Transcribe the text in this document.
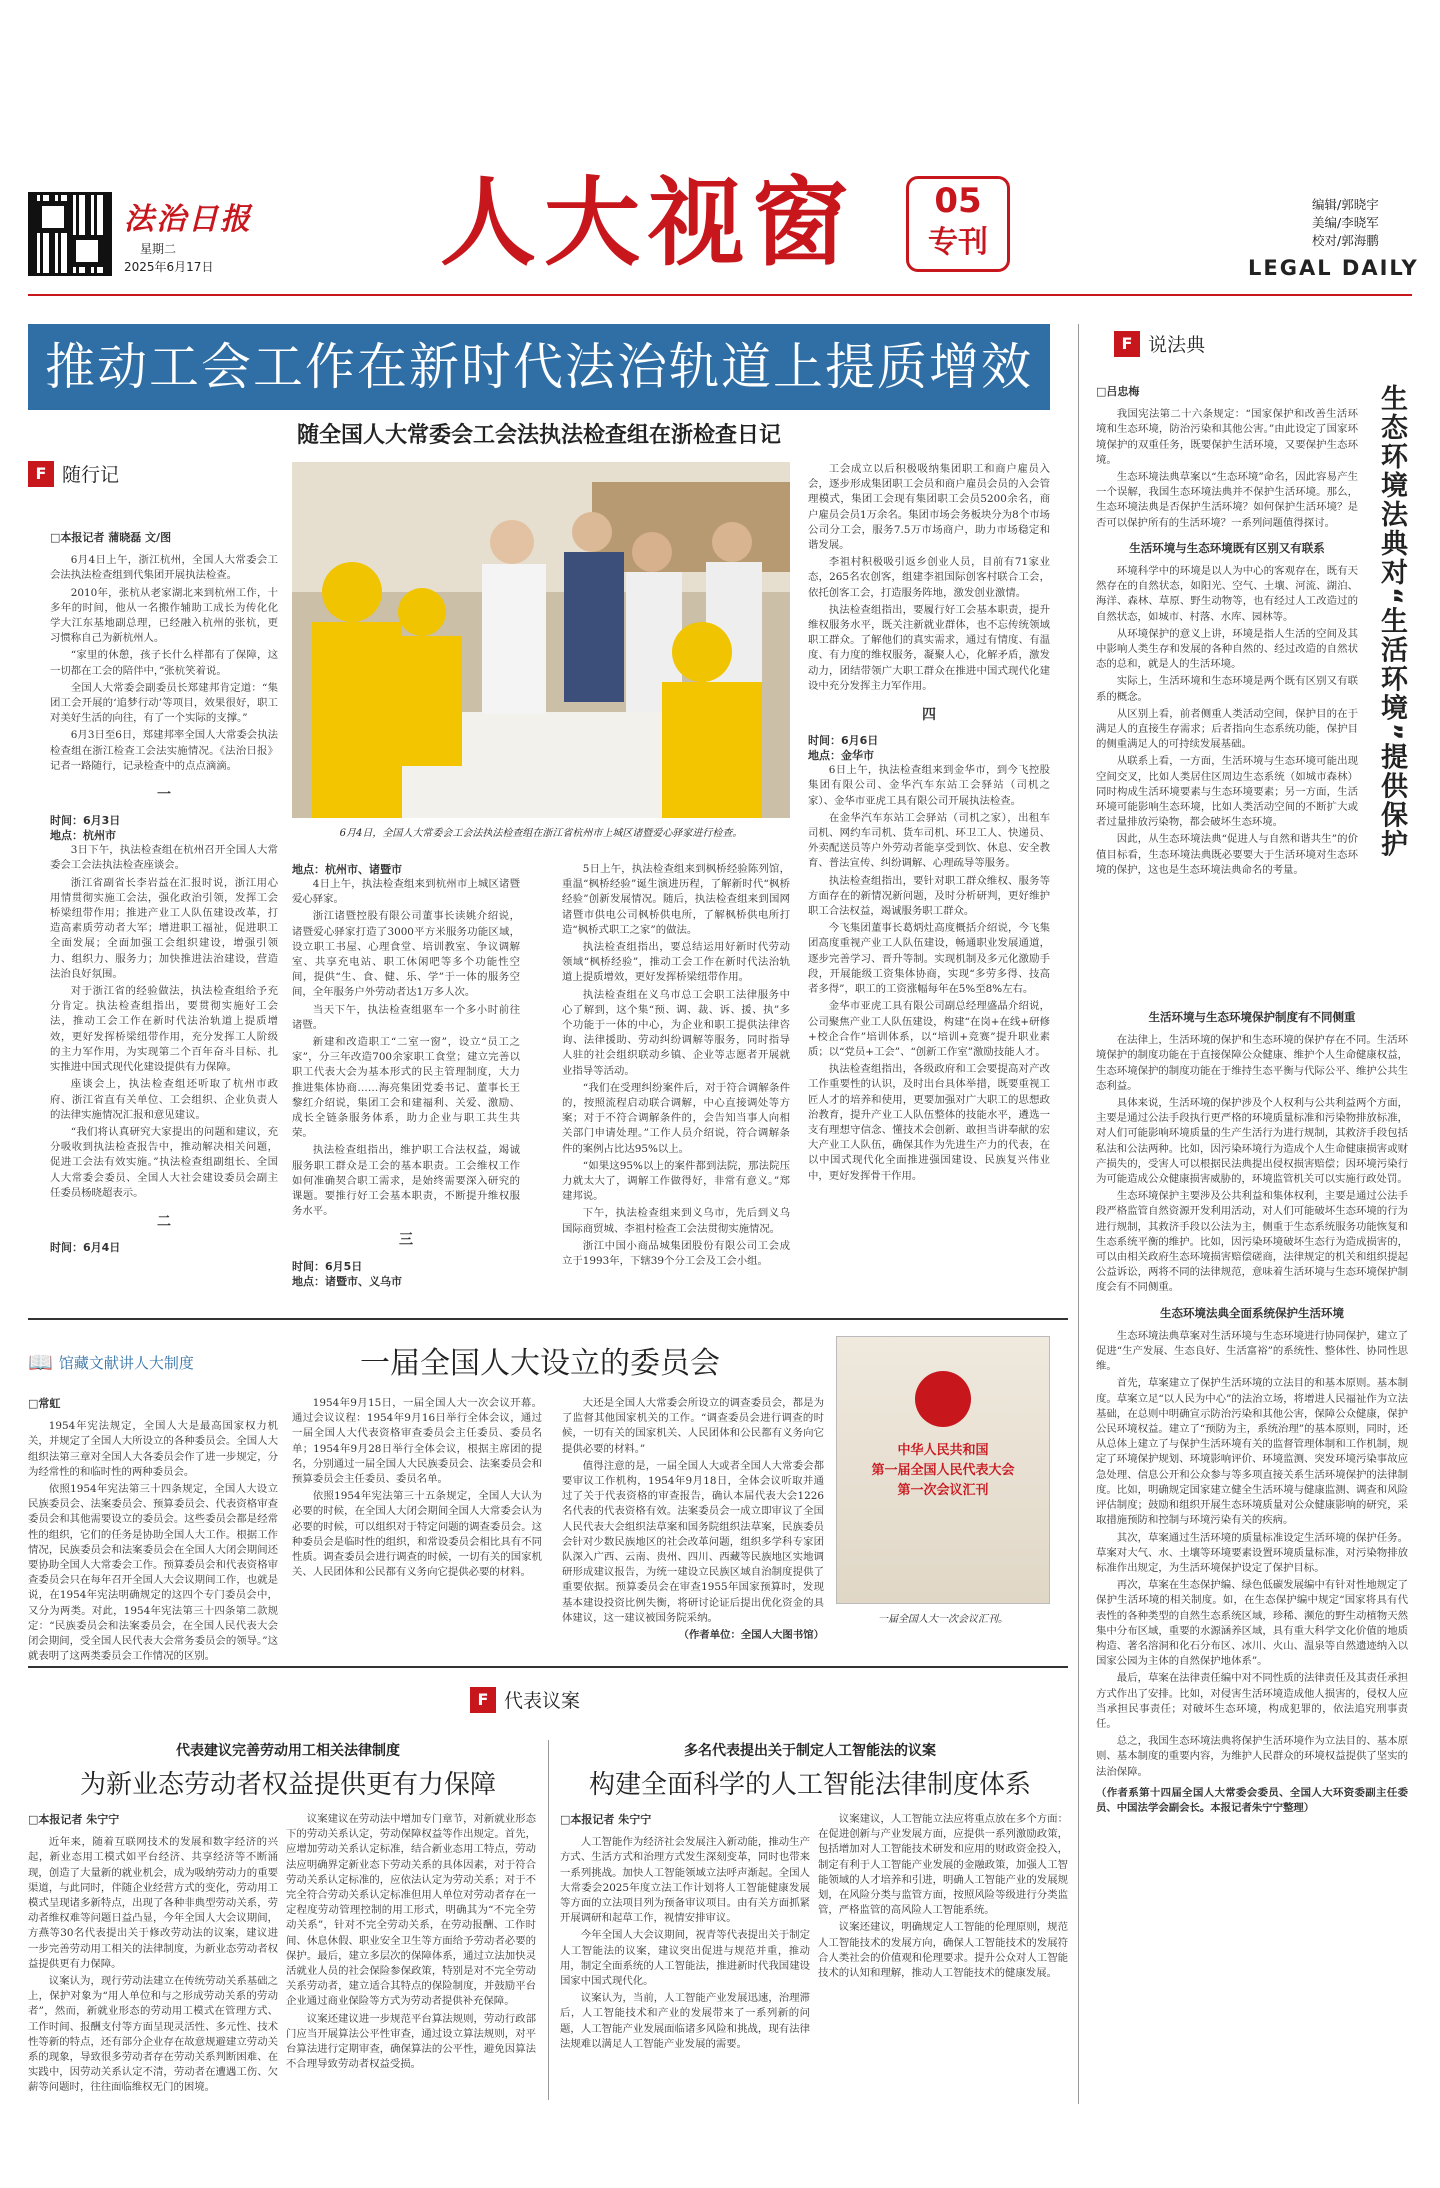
法治日报
星期二
2025年6月17日 人大视窗	05
专刊
编辑/郭晓宇
美编/李晓军
校对/郭海鹏
LEGAL DAILY
推动工会工作在新时代法治轨道上提质增效
随全国人大常委会工会法执法检查组在浙检查日记
F 随行记
□本报记者 蒲晓磊 文/图

6月4日上午，浙江杭州，全国人大常委会工会法执法检查组到代集团开展执法检查。

2010年，张杭从老家湖北来到杭州工作，十多年的时间，他从一名搬作辅助工成长为传化化学大江东基地副总理，已经融入杭州的张杭，更习惯称自己为新杭州人。

“家里的休憩，孩子长什么样都有了保障，这一切都在工会的陪伴中，”张杭笑着说。

全国人大常委会副委员长郑建邦肯定道：“集团工会开展的‘追梦行动’等项目，效果很好，职工对美好生活的向往，有了一个实际的支撑。”

6月3日至6日，郑建邦率全国人大常委会执法检查组在浙江检查工会法实施情况。《法治日报》记者一路随行，记录检查中的点点滴滴。

一
时间：6月3日
地点：杭州市

3日下午，执法检查组在杭州召开全国人大常委会工会法执法检查座谈会。

浙江省副省长李岩益在汇报时说，浙江用心用情贯彻实施工会法，强化政治引领，发挥工会桥梁纽带作用；推进产业工人队伍建设改革，打造高素质劳动者大军；增进职工福祉，促进职工全面发展；全面加强工会组织建设，增强引领力、组织力、服务力；加快推进法治建设，营造法治良好氛围。

对于浙江省的经验做法，执法检查组给予充分肯定。执法检查组指出，要贯彻实施好工会法，推动工会工作在新时代法治轨道上提质增效，更好发挥桥梁纽带作用，充分发挥工人阶级的主力军作用，为实现第二个百年奋斗目标、扎实推进中国式现代化建设提供有力保障。

座谈会上，执法检查组还听取了杭州市政府、浙江省直有关单位、工会组织、企业负责人的法律实施情况汇报和意见建议。

“我们将认真研究大家提出的问题和建议，充分吸收到执法检查报告中，推动解决相关问题，促进工会法有效实施。”执法检查组副组长、全国人大常委会委员、全国人大社会建设委员会副主任委员杨晓超表示。

二
时间：6月4日
6月4日，全国人大常委会工会法执法检查组在浙江省杭州市上城区诸暨爱心驿家进行检查。
地点：杭州市、诸暨市

4日上午，执法检查组来到杭州市上城区诸暨爱心驿家。

浙江诸暨控股有限公司董事长读姚介绍说，诸暨爱心驿家打造了3000平方米服务功能区域，设立职工书屋、心理食堂、培训教室、争议调解室、共享充电站、职工休闲吧等多个功能性空间，提供“生、食、健、乐、学”于一体的服务空间，全年服务户外劳动者达1万多人次。

当天下午，执法检查组驱车一个多小时前往诸暨。

新建和改造职工“二室一窗”，设立“员工之家”，分三年改造700余家职工食堂；建立完善以职工代表大会为基本形式的民主管理制度，大力推进集体协商……海亮集团党委书记、董事长王黎红介绍说，集团工会和建福利、关爱、激励、成长全链条服务体系，助力企业与职工共生共荣。

执法检查组指出，维护职工合法权益，竭诚服务职工群众是工会的基本职责。工会维权工作如何准确契合职工需求，是始终需要深入研究的课题。要推行好工会基本职责，不断提升维权服务水平。

三
时间：6月5日
地点：诸暨市、义乌市

5日上午，执法检查组来到枫桥经验陈列馆，重温“枫桥经验”诞生演进历程，了解新时代“枫桥经验”创新发展情况。随后，执法检查组来到国网诸暨市供电公司枫桥供电所，了解枫桥供电所打造“枫桥式职工之家”的做法。

执法检查组指出，要总结运用好新时代劳动领域“枫桥经验”，推动工会工作在新时代法治轨道上提质增效，更好发挥桥梁纽带作用。

执法检查组在义乌市总工会职工法律服务中心了解到，这个集“预、调、裁、诉、援、执”多个功能于一体的中心，为企业和职工提供法律咨询、法律援助、劳动纠纷调解等服务，同时指导人驻的社会组织联动乡镇、企业等志愿者开展就业指导等活动。

“我们在受理纠纷案件后，对于符合调解条件的，按照流程启动联合调解，中心直接调处等方案；对于不符合调解条件的，会告知当事人向相关部门申请处理。”工作人员介绍说，符合调解条件的案例占比达95%以上。

“如果这95%以上的案件都到法院，那法院压力就太大了，调解工作做得好，非常有意义。”郑建邦说。

下午，执法检查组来到义乌市，先后到义乌国际商贸城、李祖村检查工会法贯彻实施情况。

浙江中国小商品城集团股份有限公司工会成立于1993年，下辖39个分工会及工会小组。

工会成立以后积极吸纳集团职工和商户雇员入会，逐步形成集团职工会员和商户雇员会员的入会管理模式，集团工会现有集团职工会员5200余名，商户雇员会员1万余名。集团市场会务板块分为8个市场公司分工会，服务7.5万市场商户，助力市场稳定和谐发展。

李祖村积极吸引返乡创业人员，目前有71家业态，265名农创客，组建李祖国际创客村联合工会，依托创客工会，打造服务阵地，激发创业激情。

执法检查组指出，要履行好工会基本职责，提升维权服务水平，既关注新就业群体，也不忘传统领域职工群众。了解他们的真实需求，通过有情度、有温度、有力度的维权服务，凝聚人心，化解矛盾，激发动力，团结带领广大职工群众在推进中国式现代化建设中充分发挥主力军作用。

四
时间：6月6日
地点：金华市

6日上午，执法检查组来到金华市，到今飞控股集团有限公司、金华汽车东站工会驿站（司机之家）、金华市亚虎工具有限公司开展执法检查。

在金华汽车东站工会驿站（司机之家），出租车司机、网约车司机、货车司机、环卫工人、快递员、外卖配送员等户外劳动者能享受到饮、休息、安全教育、普法宣传、纠纷调解、心理疏导等服务。

执法检查组指出，要针对职工群众维权、服务等方面存在的新情况新问题，及时分析研判，更好维护职工合法权益，竭诚服务职工群众。

今飞集团董事长葛炳灶高度概括介绍说，今飞集团高度重视产业工人队伍建设，畅通职业发展通道，逐步完善学习、晋升等制。实现机制及多元化激励手段，开展能级工资集体协商，实现“多劳多得、技高者多得”，职工的工资涨幅每年在5%至8%左右。

金华市亚虎工具有限公司副总经理盛晶介绍说，公司聚焦产业工人队伍建设，构建“在岗+在线+研修+校企合作”培训体系，以“培训+竞赛”提升职业素质；以“党员+工会”、“创新工作室”激励技能人才。

执法检查组指出，各级政府和工会要提高对产改工作重要性的认识，及时出台具体举措，既要重视工匠人才的培养和使用，更要加强对广大职工的思想政治教育，提升产业工人队伍整体的技能水平，遴选一支有理想守信念、懂技术会创新、敢担当讲奉献的宏大产业工人队伍，确保其作为先进生产力的代表，在以中国式现代化全面推进强国建设、民族复兴伟业中，更好发挥骨干作用。

F 说法典
生态环境法典对“生活环境”提供保护
□吕忠梅

我国宪法第二十六条规定：“国家保护和改善生活环境和生态环境，防治污染和其他公害。”由此设定了国家环境保护的双重任务，既要保护生活环境，又要保护生态环境。

生态环境法典草案以“生态环境”命名，因此容易产生一个误解，我国生态环境法典并不保护生活环境。那么，生态环境法典是否保护生活环境？如何保护生活环境？是否可以保护所有的生活环境？一系列问题值得探讨。

生活环境与生态环境既有区别又有联系

环境科学中的环境是以人为中心的客观存在，既有天然存在的自然状态，如阳光、空气、土壤、河流、湖泊、海洋、森林、草原、野生动物等，也有经过人工改造过的自然状态，如城市、村落、水库、园林等。

从环境保护的意义上讲，环境是指人生活的空间及其中影响人类生存和发展的各种自然的、经过改造的自然状态的总和，就是人的生活环境。

实际上，生活环境和生态环境是两个既有区别又有联系的概念。

从区别上看，前者侧重人类活动空间，保护目的在于满足人的直接生存需求；后者指向生态系统功能，保护目的侧重满足人的可持续发展基础。

从联系上看，一方面，生活环境与生态环境可能出现空间交叉，比如人类居住区周边生态系统（如城市森林）同时构成生活环境要素与生态环境要素；另一方面，生活环境可能影响生态环境，比如人类活动空间的不断扩大或者过量排放污染物，都会破坏生态环境。

因此，从生态环境法典“促进人与自然和谐共生”的价值目标看，生态环境法典既必要要大于生活环境对生态环境的保护，这也是生态环境法典命名的考量。

生活环境与生态环境保护制度有不同侧重

在法律上，生活环境的保护和生态环境的保护存在不同。生活环境保护的制度功能在于直接保障公众健康、维护个人生命健康权益，生态环境保护的制度功能在于维持生态平衡与代际公平、维护公共生态利益。

具体来说，生活环境的保护涉及个人权利与公共利益两个方面，主要是通过公法手段执行更严格的环境质量标准和污染物排放标准，对人们可能影响环境质量的生产生活行为进行规制，其救济手段包括私法和公法两种。比如，因污染环境行为造成个人生命健康损害或财产损失的，受害人可以根据民法典提出侵权损害赔偿；因环境污染行为可能造成公众健康损害威胁的，环境监管机关可以实施行政处罚。

生态环境保护主要涉及公共利益和集体权利，主要是通过公法手段严格监管自然资源开发利用活动，对人们可能破坏生态环境的行为进行规制，其救济手段以公法为主，侧重于生态系统服务功能恢复和生态系统平衡的维护。比如，因污染环境破坏生态行为造成损害的，可以由相关政府生态环境损害赔偿磋商，法律规定的机关和组织提起公益诉讼，两将不同的法律规范，意味着生活环境与生态环境保护制度会有不同侧重。

生态环境法典全面系统保护生活环境

生态环境法典草案对生活环境与生态环境进行协同保护，建立了促进“生产发展、生态良好、生活富裕”的系统性、整体性、协同性思维。

首先，草案建立了保护生活环境的立法目的和基本原则。基本制度。草案立足“以人民为中心”的法治立场，将增进人民福祉作为立法基础，在总则中明确宣示防治污染和其他公害，保障公众健康，保护公民环境权益。建立了“预防为主，系统治理”的基本原则，同时，还从总体上建立了与保护生活环境有关的监督管理体制和工作机制，规定了环境保护规划、环境影响评价、环境监测、突发环境污染事故应急处理、信息公开和公众参与等多项直接关系生活环境保护的法律制度。比如，明确规定国家建立健全生活环境与健康监测、调查和风险评估制度；鼓励和组织开展生态环境质量对公众健康影响的研究，采取措施预防和控制与环境污染有关的疾病。

其次，草案通过生活环境的质量标准设定生活环境的保护任务。草案对大气、水、土壤等环境要素设置环境质量标准，对污染物排放标准作出规定，为生活环境保护设定了保护目标。

再次，草案在生态保护编、绿色低碳发展编中有针对性地规定了保护生活环境的相关制度。如，在生态保护编中规定“国家将具有代表性的各种类型的自然生态系统区域，珍稀、濒危的野生动植物天然集中分布区域，重要的水源涵养区域，具有重大科学文化价值的地质构造、著名溶洞和化石分布区、冰川、火山、温泉等自然遗迹纳入以国家公园为主体的自然保护地体系”。

最后，草案在法律责任编中对不同性质的法律责任及其责任承担方式作出了安排。比如，对侵害生活环境造成他人损害的，侵权人应当承担民事责任；对破坏生态环境，构成犯罪的，依法追究刑事责任。

总之，我国生态环境法典将保护生活环境作为立法目的、基本原则、基本制度的重要内容，为维护人民群众的环境权益提供了坚实的法治保障。

（作者系第十四届全国人大常委会委员、全国人大环资委副主任委员、中国法学会副会长。本报记者朱宁宁整理）
📖 馆藏文献讲人大制度	一届全国人大设立的委员会
□常虹

1954年宪法规定，全国人大是最高国家权力机关，并规定了全国人大所设立的各种委员会。全国人大组织法第三章对全国人大各委员会作了进一步规定，分为经常性的和临时性的两种委员会。

依照1954年宪法第三十四条规定，全国人大设立民族委员会、法案委员会、预算委员会、代表资格审查委员会和其他需要设立的委员会。这些委员会都是经常性的组织，它们的任务是协助全国人大工作。根据工作情况，民族委员会和法案委员会在全国人大闭会期间还要协助全国人大常委会工作。预算委员会和代表资格审查委员会只在每年召开全国人大会议期间工作，也就是说，在1954年宪法明确规定的这四个专门委员会中，又分为两类。对此，1954年宪法第三十四条第二款规定：“民族委员会和法案委员会，在全国人民代表大会闭会期间，受全国人民代表大会常务委员会的领导。”这就表明了这两类委员会工作情况的区别。

1954年9月15日，一届全国人大一次会议开幕。通过会议议程：1954年9月16日举行全体会议，通过一届全国人大代表资格审查委员会主任委员、委员名单；1954年9月28日举行全体会议，根据主席团的提名，分别通过一届全国人大民族委员会、法案委员会和预算委员会主任委员、委员名单。

依照1954年宪法第三十五条规定，全国人大认为必要的时候，在全国人大闭会期间全国人大常委会认为必要的时候，可以组织对于特定问题的调查委员会。这种委员会是临时性的组织，和常设委员会相比具有不同性质。调查委员会进行调查的时候，一切有关的国家机关、人民团体和公民都有义务向它提供必要的材料。

大还是全国人大常委会所设立的调查委员会，都是为了监督其他国家机关的工作。“调查委员会进行调查的时候，一切有关的国家机关、人民团体和公民都有义务向它提供必要的材料。”

值得注意的是，一届全国人大或者全国人大常委会都要审议工作机构，1954年9月18日，全体会议听取并通过了关于代表资格的审查报告，确认本届代表大会1226名代表的代表资格有效。法案委员会一成立即审议了全国人民代表大会组织法草案和国务院组织法草案，民族委员会针对少数民族地区的社会改革问题，组织多学科专家团队深入广西、云南、贵州、四川、西藏等民族地区实地调研形成建议报告，为统一建设立民族区域自治制度提供了重要依据。预算委员会在审查1955年国家预算时，发现基本建设投资比例失衡，将研讨论证后提出优化资金的具体建议，这一建议被国务院采纳。

（作者单位：全国人大图书馆）
中华人民共和国
第一届全国人民代表大会
第一次会议汇刊
一届全国人大一次会议汇刊。
F 代表议案
代表建议完善劳动用工相关法律制度
为新业态劳动者权益提供更有力保障
多名代表提出关于制定人工智能法的议案
构建全面科学的人工智能法律制度体系
□本报记者 朱宁宁

近年来，随着互联网技术的发展和数字经济的兴起，新业态用工模式如平台经济、共享经济等不断涌现，创造了大量新的就业机会，成为吸纳劳动力的重要渠道，与此同时，伴随企业经营方式的变化，劳动用工模式呈现诸多新特点，出现了各种非典型劳动关系，劳动者维权难等问题日益凸显，今年全国人大会议期间，方燕等30名代表提出关于修改劳动法的议案，建议进一步完善劳动用工相关的法律制度，为新业态劳动者权益提供更有力保障。

议案认为，现行劳动法建立在传统劳动关系基础之上，保护对象为“用人单位和与之形成劳动关系的劳动者”，然而，新就业形态的劳动用工模式在管理方式、工作时间、报酬支付等方面呈现灵活性、多元性、技术性等新的特点，还有部分企业存在故意规避建立劳动关系的现象，导致很多劳动者存在劳动关系判断困难、在实践中，因劳动关系认定不清，劳动者在遭遇工伤、欠薪等问题时，往往面临维权无门的困境。

议案建议在劳动法中增加专门章节，对新就业形态下的劳动关系认定，劳动保障权益等作出规定。首先，应增加劳动关系认定标准，结合新业态用工特点，劳动法应明确界定新业态下劳动关系的具体因素，对于符合劳动关系认定标准的，应依法认定为劳动关系；对于不完全符合劳动关系认定标准但用人单位对劳动者存在一定程度劳动管理控制的用工形式，明确其为“不完全劳动关系”，针对不完全劳动关系，在劳动报酬、工作时间、休息休假、职业安全卫生等方面给予劳动者必要的保护。最后，建立多层次的保障体系，通过立法加快灵活就业人员的社会保险参保政策，特别是对不完全劳动关系劳动者，建立适合其特点的保险制度，并鼓励平台企业通过商业保险等方式为劳动者提供补充保障。

议案还建议进一步规范平台算法规则，劳动行政部门应当开展算法公平性审查，通过设立算法规则，对平台算法进行定期审查，确保算法的公平性，避免因算法不合理导致劳动者权益受损。

□本报记者 朱宁宁

人工智能作为经济社会发展注入新动能，推动生产方式、生活方式和治理方式发生深刻变革，同时也带来一系列挑战。加快人工智能领域立法呼声渐起。全国人大常委会2025年度立法工作计划将人工智能健康发展等方面的立法项目列为预备审议项目。由有关方面抓紧开展调研和起草工作，视情安排审议。

今年全国人大会议期间，祝青等代表提出关于制定人工智能法的议案，建议突出促进与规范并重，推动用，制定全面系统的人工智能法，推进新时代我国建设国家中国式现代化。

议案认为，当前，人工智能产业发展迅速，治理滞后，人工智能技术和产业的发展带来了一系列新的问题，人工智能产业发展面临诸多风险和挑战，现有法律法规难以满足人工智能产业发展的需要。

议案建议，人工智能立法应将重点放在多个方面：在促进创新与产业发展方面，应提供一系列激励政策，包括增加对人工智能技术研发和应用的财政资金投入，制定有利于人工智能产业发展的金融政策，加强人工智能领域的人才培养和引进，明确人工智能产业的发展规划，在风险分类与监管方面，按照风险等级进行分类监管，严格监管的高风险人工智能系统。

议案还建议，明确规定人工智能的伦理原则，规范人工智能技术的发展方向，确保人工智能技术的发展符合人类社会的价值观和伦理要求。提升公众对人工智能技术的认知和理解，推动人工智能技术的健康发展。
